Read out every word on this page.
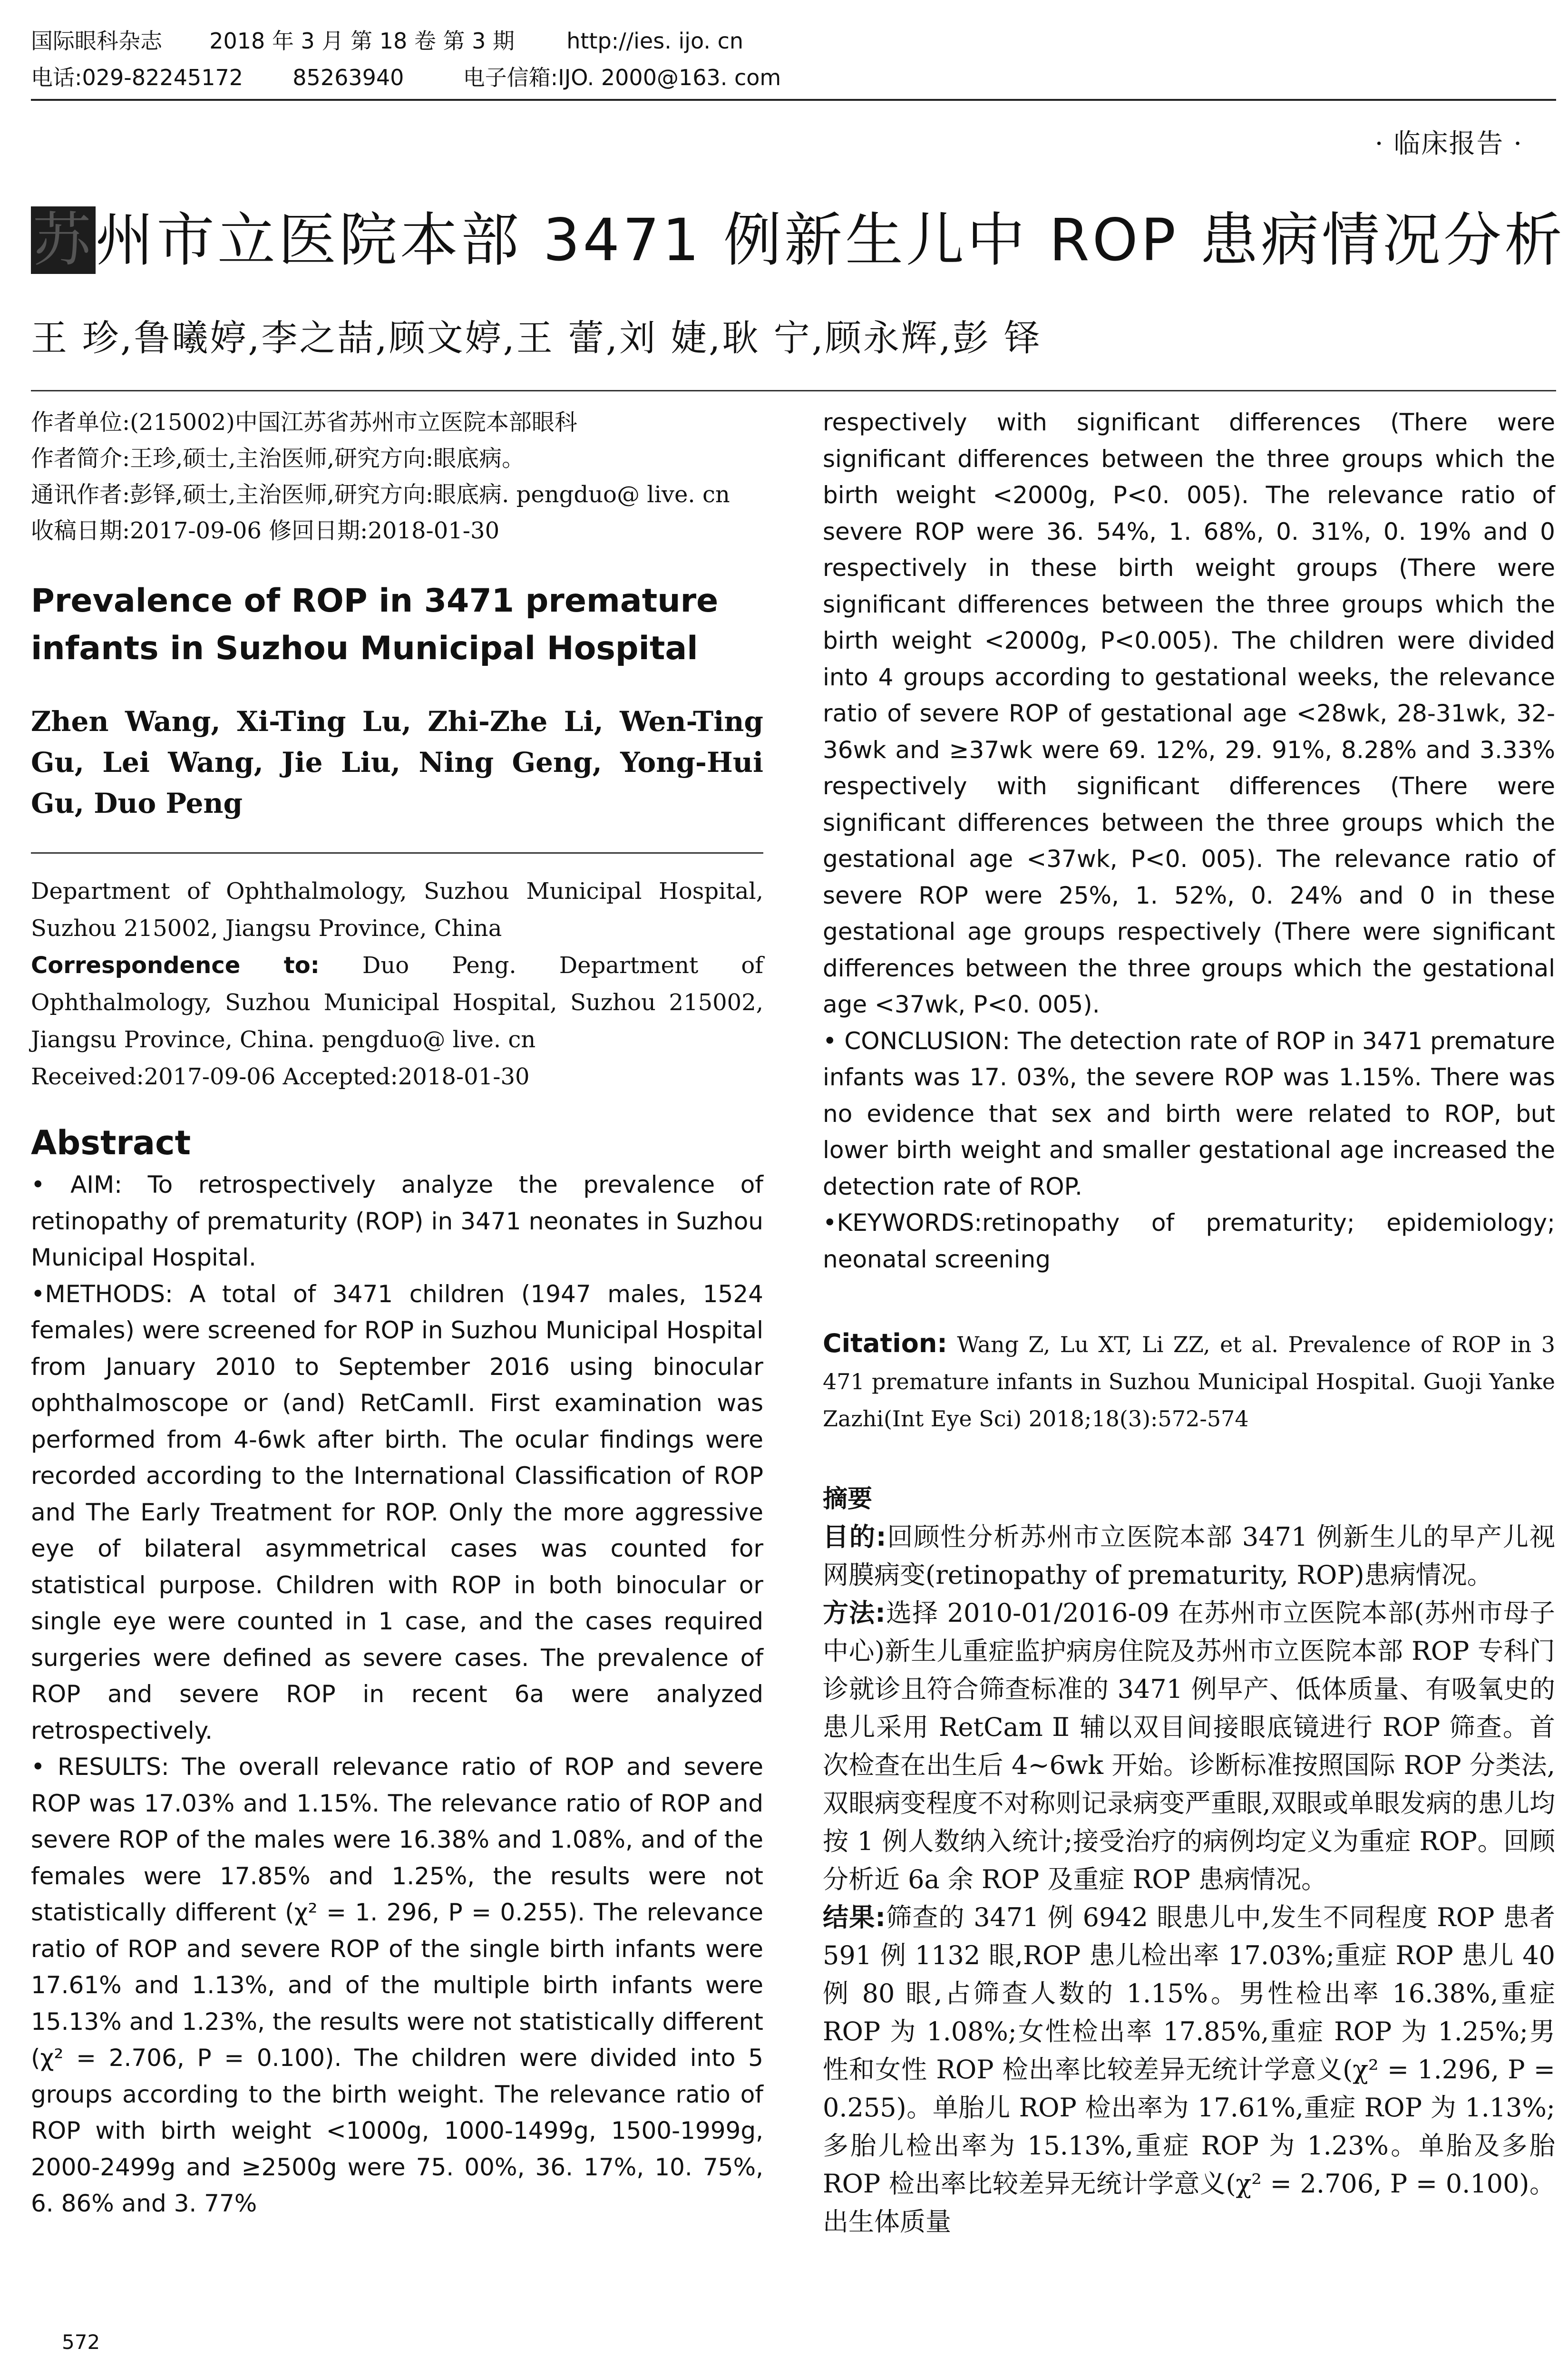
国际眼科杂志 2018 年 3 月 第 18 卷 第 3 期 http://ies. ijo. cn
电话:029-82245172 85263940	电子信箱:IJO. 2000@163. com
· 临床报告 ·
苏州市立医院本部 3471 例新生儿中 ROP 患病情况分析
王 珍,鲁曦婷,李之喆,顾文婷,王 蕾,刘 婕,耿 宁,顾永辉,彭 铎
作者单位:(215002)中国江苏省苏州市立医院本部眼科
作者简介:王珍,硕士,主治医师,研究方向:眼底病。
通讯作者:彭铎,硕士,主治医师,研究方向:眼底病. pengduo@ live. cn
收稿日期:2017-09-06 修回日期:2018-01-30
Prevalence of ROP in 3471 premature infants in Suzhou Municipal Hospital
Zhen Wang, Xi-Ting Lu, Zhi-Zhe Li, Wen-Ting Gu, Lei Wang, Jie Liu, Ning Geng, Yong-Hui Gu, Duo Peng
Department of Ophthalmology, Suzhou Municipal Hospital, Suzhou 215002, Jiangsu Province, China
Correspondence to: Duo Peng. Department of Ophthalmology, Suzhou Municipal Hospital, Suzhou 215002, Jiangsu Province, China. pengduo@ live. cn
Received:2017-09-06 Accepted:2018-01-30
Abstract

• AIM: To retrospectively analyze the prevalence of retinopathy of prematurity (ROP) in 3471 neonates in Suzhou Municipal Hospital.

•METHODS: A total of 3471 children (1947 males, 1524 females) were screened for ROP in Suzhou Municipal Hospital from January 2010 to September 2016 using binocular ophthalmoscope or (and) RetCamII. First examination was performed from 4-6wk after birth. The ocular findings were recorded according to the International Classification of ROP and The Early Treatment for ROP. Only the more aggressive eye of bilateral asymmetrical cases was counted for statistical purpose. Children with ROP in both binocular or single eye were counted in 1 case, and the cases required surgeries were defined as severe cases. The prevalence of ROP and severe ROP in recent 6a were analyzed retrospectively.

• RESULTS: The overall relevance ratio of ROP and severe ROP was 17.03% and 1.15%. The relevance ratio of ROP and severe ROP of the males were 16.38% and 1.08%, and of the females were 17.85% and 1.25%, the results were not statistically different (χ² = 1. 296, P = 0.255). The relevance ratio of ROP and severe ROP of the single birth infants were 17.61% and 1.13%, and of the multiple birth infants were 15.13% and 1.23%, the results were not statistically different (χ² = 2.706, P = 0.100). The children were divided into 5 groups according to the birth weight. The relevance ratio of ROP with birth weight <1000g, 1000-1499g, 1500-1999g, 2000-2499g and ≥2500g were 75. 00%, 36. 17%, 10. 75%, 6. 86% and 3. 77%

respectively with significant differences (There were significant differences between the three groups which the birth weight <2000g, P<0. 005). The relevance ratio of severe ROP were 36. 54%, 1. 68%, 0. 31%, 0. 19% and 0 respectively in these birth weight groups (There were significant differences between the three groups which the birth weight <2000g, P<0.005). The children were divided into 4 groups according to gestational weeks, the relevance ratio of severe ROP of gestational age <28wk, 28-31wk, 32-36wk and ≥37wk were 69. 12%, 29. 91%, 8.28% and 3.33% respectively with significant differences (There were significant differences between the three groups which the gestational age <37wk, P<0. 005). The relevance ratio of severe ROP were 25%, 1. 52%, 0. 24% and 0 in these gestational age groups respectively (There were significant differences between the three groups which the gestational age <37wk, P<0. 005).

• CONCLUSION: The detection rate of ROP in 3471 premature infants was 17. 03%, the severe ROP was 1.15%. There was no evidence that sex and birth were related to ROP, but lower birth weight and smaller gestational age increased the detection rate of ROP.

•KEYWORDS:retinopathy of prematurity; epidemiology; neonatal screening

Citation: Wang Z, Lu XT, Li ZZ, et al. Prevalence of ROP in 3 471 premature infants in Suzhou Municipal Hospital. Guoji Yanke Zazhi(Int Eye Sci) 2018;18(3):572-574
摘要

目的:回顾性分析苏州市立医院本部 3471 例新生儿的早产儿视网膜病变(retinopathy of prematurity, ROP)患病情况。

方法:选择 2010-01/2016-09 在苏州市立医院本部(苏州市母子中心)新生儿重症监护病房住院及苏州市立医院本部 ROP 专科门诊就诊且符合筛查标准的 3471 例早产、低体质量、有吸氧史的患儿采用 RetCam Ⅱ 辅以双目间接眼底镜进行 ROP 筛查。首次检查在出生后 4~6wk 开始。诊断标准按照国际 ROP 分类法,双眼病变程度不对称则记录病变严重眼,双眼或单眼发病的患儿均按 1 例人数纳入统计;接受治疗的病例均定义为重症 ROP。回顾分析近 6a 余 ROP 及重症 ROP 患病情况。

结果:筛查的 3471 例 6942 眼患儿中,发生不同程度 ROP 患者 591 例 1132 眼,ROP 患儿检出率 17.03%;重症 ROP 患儿 40 例 80 眼,占筛查人数的 1.15%。男性检出率 16.38%,重症 ROP 为 1.08%;女性检出率 17.85%,重症 ROP 为 1.25%;男性和女性 ROP 检出率比较差异无统计学意义(χ² = 1.296, P = 0.255)。单胎儿 ROP 检出率为 17.61%,重症 ROP 为 1.13%;多胎儿检出率为 15.13%,重症 ROP 为 1.23%。单胎及多胎 ROP 检出率比较差异无统计学意义(χ² = 2.706, P = 0.100)。出生体质量

572
